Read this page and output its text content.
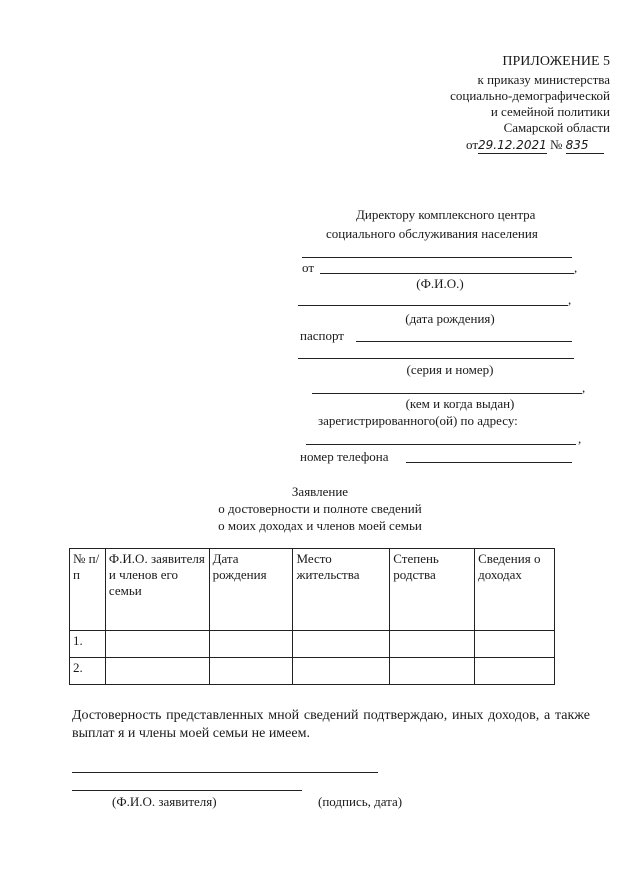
ПРИЛОЖЕНИЕ 5
к приказу министерства
социально-демографической
и семейной политики
Самарской области
от29.12.2021 № 835
Директору комплексного центра
социального обслуживания населения
от	,
(Ф.И.О.)
,
(дата рождения)
паспорт
(серия и номер)
,
(кем и когда выдан)
зарегистрированного(ой) по адресу:
,
номер телефона
Заявление
о достоверности и полноте сведений
о моих доходах и членов моей семьи
№ п/п	Ф.И.О. заявителя и членов его семьи	Дата рождения	Место жительства	Степень родства	Сведения о доходах
1.					
2.					
Достоверность представленных мной сведений подтверждаю, иных доходов, а также выплат я и члены моей семьи не имеем.
(Ф.И.О. заявителя)	(подпись, дата)
